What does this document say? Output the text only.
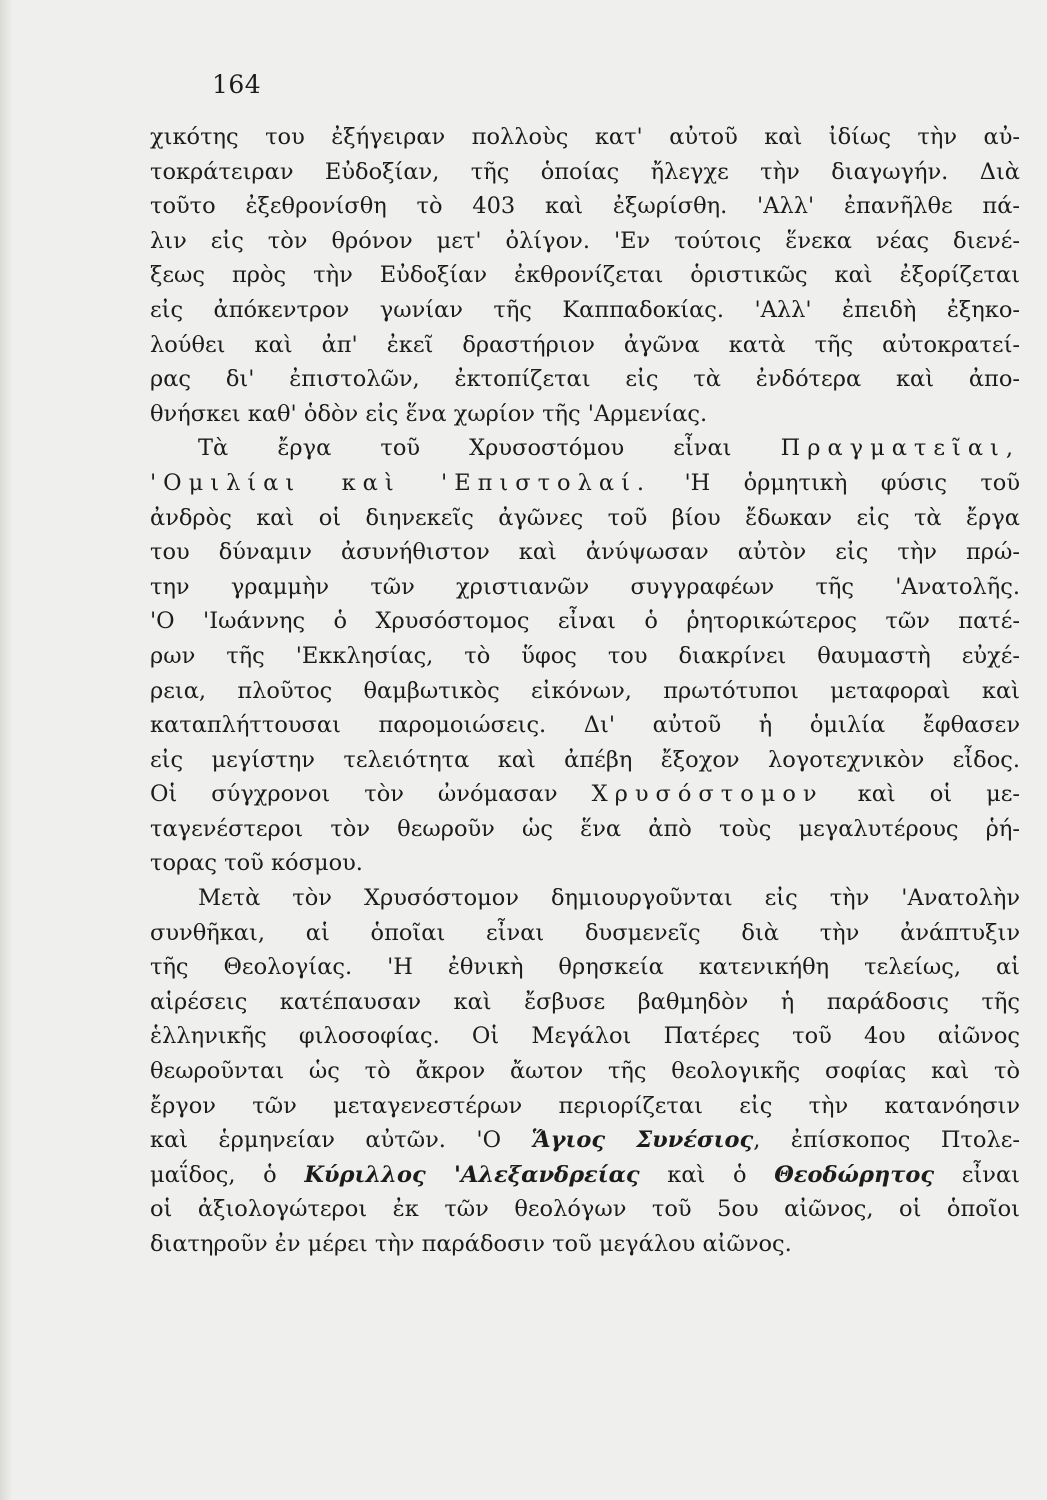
164
χικότης του ἐξήγειραν πολλοὺς κατ' αὐτοῦ καὶ ἰδίως τὴν αὐ-
τοκράτειραν Εὐδοξίαν, τῆς ὁποίας ἤλεγχε τὴν διαγωγήν. Διὰ
τοῦτο ἐξεθρονίσθη τὸ 403 καὶ ἐξωρίσθη. 'Αλλ' ἐπανῆλθε πά-
λιν εἰς τὸν θρόνον μετ' ὀλίγον. 'Εν τούτοις ἕνεκα νέας διενέ-
ξεως πρὸς τὴν Εὐδοξίαν ἐκθρονίζεται ὁριστικῶς καὶ ἐξορίζεται
εἰς ἀπόκεντρον γωνίαν τῆς Καππαδοκίας. 'Αλλ' ἐπειδὴ ἐξηκο-
λούθει καὶ ἀπ' ἐκεῖ δραστήριον ἀγῶνα κατὰ τῆς αὐτοκρατεί-
ρας δι' ἐπιστολῶν, ἐκτοπίζεται εἰς τὰ ἐνδότερα καὶ ἀπο-
θνήσκει καθ' ὁδὸν εἰς ἕνα χωρίον τῆς 'Αρμενίας.
Τὰ ἔργα τοῦ Χρυσοστόμου εἶναι Πραγματεῖαι,
'Ομιλίαι καὶ 'Επιστολαί. 'Η ὁρμητικὴ φύσις τοῦ
ἀνδρὸς καὶ οἱ διηνεκεῖς ἀγῶνες τοῦ βίου ἔδωκαν εἰς τὰ ἔργα
του δύναμιν ἀσυνήθιστον καὶ ἀνύψωσαν αὐτὸν εἰς τὴν πρώ-
την γραμμὴν τῶν χριστιανῶν συγγραφέων τῆς 'Ανατολῆς.
'Ο 'Ιωάννης ὁ Χρυσόστομος εἶναι ὁ ῥητορικώτερος τῶν πατέ-
ρων τῆς 'Εκκλησίας, τὸ ὕφος του διακρίνει θαυμαστὴ εὐχέ-
ρεια, πλοῦτος θαμβωτικὸς εἰκόνων, πρωτότυποι μεταφοραὶ καὶ
καταπλήττουσαι παρομοιώσεις. Δι' αὐτοῦ ἡ ὁμιλία ἔφθασεν
εἰς μεγίστην τελειότητα καὶ ἀπέβη ἔξοχον λογοτεχνικὸν εἶδος.
Οἱ σύγχρονοι τὸν ὠνόμασαν Χρυσόστομον καὶ οἱ με-
ταγενέστεροι τὸν θεωροῦν ὡς ἕνα ἀπὸ τοὺς μεγαλυτέρους ῥή-
τορας τοῦ κόσμου.
Μετὰ τὸν Χρυσόστομον δημιουργοῦνται εἰς τὴν 'Ανατολὴν
συνθῆκαι, αἱ ὁποῖαι εἶναι δυσμενεῖς διὰ τὴν ἀνάπτυξιν
τῆς Θεολογίας. 'Η ἐθνικὴ θρησκεία κατενικήθη τελείως, αἱ
αἱρέσεις κατέπαυσαν καὶ ἔσβυσε βαθμηδὸν ἡ παράδοσις τῆς
ἑλληνικῆς φιλοσοφίας. Οἱ Μεγάλοι Πατέρες τοῦ 4ου αἰῶνος
θεωροῦνται ὡς τὸ ἄκρον ἄωτον τῆς θεολογικῆς σοφίας καὶ τὸ
ἔργον τῶν μεταγενεστέρων περιορίζεται εἰς τὴν κατανόησιν
καὶ ἑρμηνείαν αὐτῶν. 'Ο Ἅγιος Συνέσιος, ἐπίσκοπος Πτολε-
μαΐδος, ὁ Κύριλλος 'Αλεξανδρείας καὶ ὁ Θεοδώρητος εἶναι
οἱ ἀξιολογώτεροι ἐκ τῶν θεολόγων τοῦ 5ου αἰῶνος, οἱ ὁποῖοι
διατηροῦν ἐν μέρει τὴν παράδοσιν τοῦ μεγάλου αἰῶνος.
